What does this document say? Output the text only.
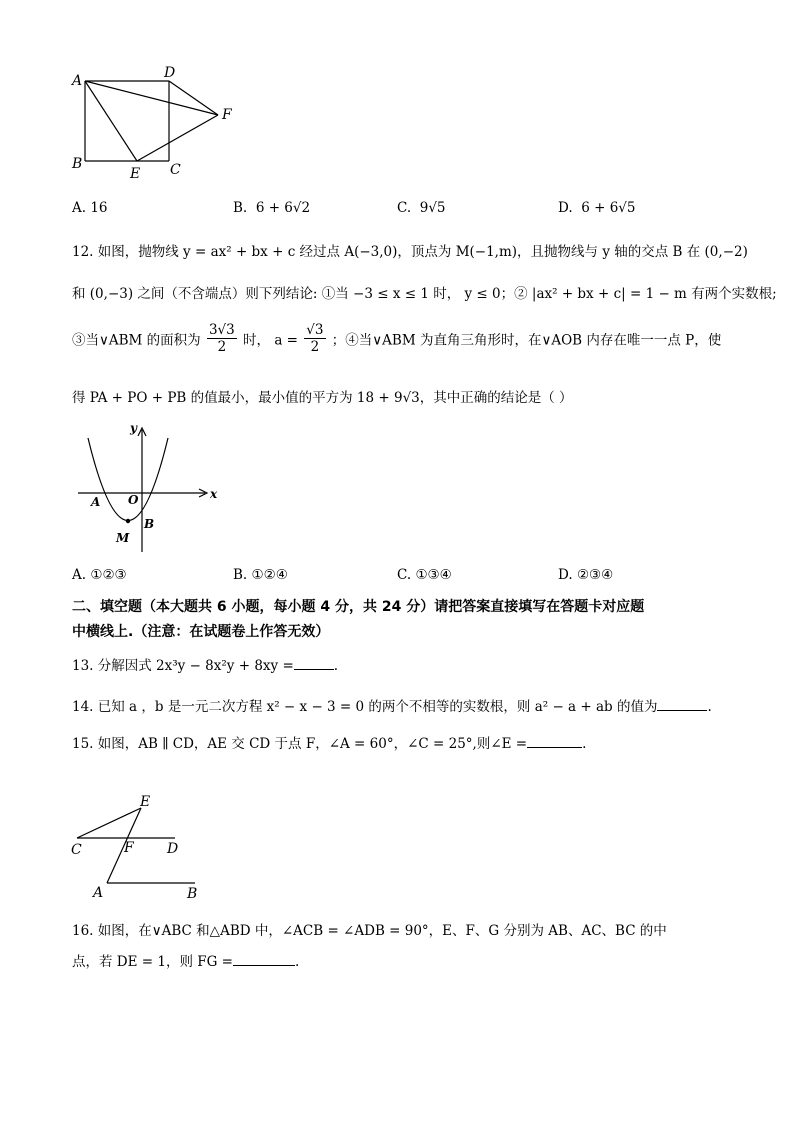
A	D
F
B
E C
A. 16	B. 6 + 6√2	C. 9√5	D. 6 + 6√5
12. 如图，抛物线 y = ax² + bx + c 经过点 A(−3,0)，顶点为 M(−1,m)，且抛物线与 y 轴的交点 B 在 (0,−2)
和 (0,−3) 之间（不含端点）则下列结论: ①当 −3 ≤ x ≤ 1 时， y ≤ 0；② |ax² + bx + c| = 1 − m 有两个实数根;
③当∨ABM 的面积为 $\frac{3√3}{2}$ 时， $a = \frac{√3}{2}$ ；④当∨ABM 为直角三角形时，在∨AOB 内存在唯一一点 P，使
得 PA + PO + PB 的值最小，最小值的平方为 18 + 9√3，其中正确的结论是（ ）
y
x
A O
B
M
A. ①②③	B. ①②④	C. ①③④	D. ②③④
二、填空题（本大题共 6 小题，每小题 4 分，共 24 分）请把答案直接填写在答题卡对应题
中横线上.（注意：在试题卷上作答无效）
13. 分解因式 2x³y − 8x²y + 8xy =	.
14. 已知 a ，b 是一元二次方程 x² − x − 3 = 0 的两个不相等的实数根，则 a² − a + ab 的值为	.
15. 如图，AB ∥ CD，AE 交 CD 于点 F，∠A = 60°，∠C = 25°,则∠E =	.
E
C	F D
A	B
16. 如图，在∨ABC 和△ABD 中，∠ACB = ∠ADB = 90°，E、F、G 分别为 AB、AC、BC 的中
点，若 DE = 1，则 FG =	.
